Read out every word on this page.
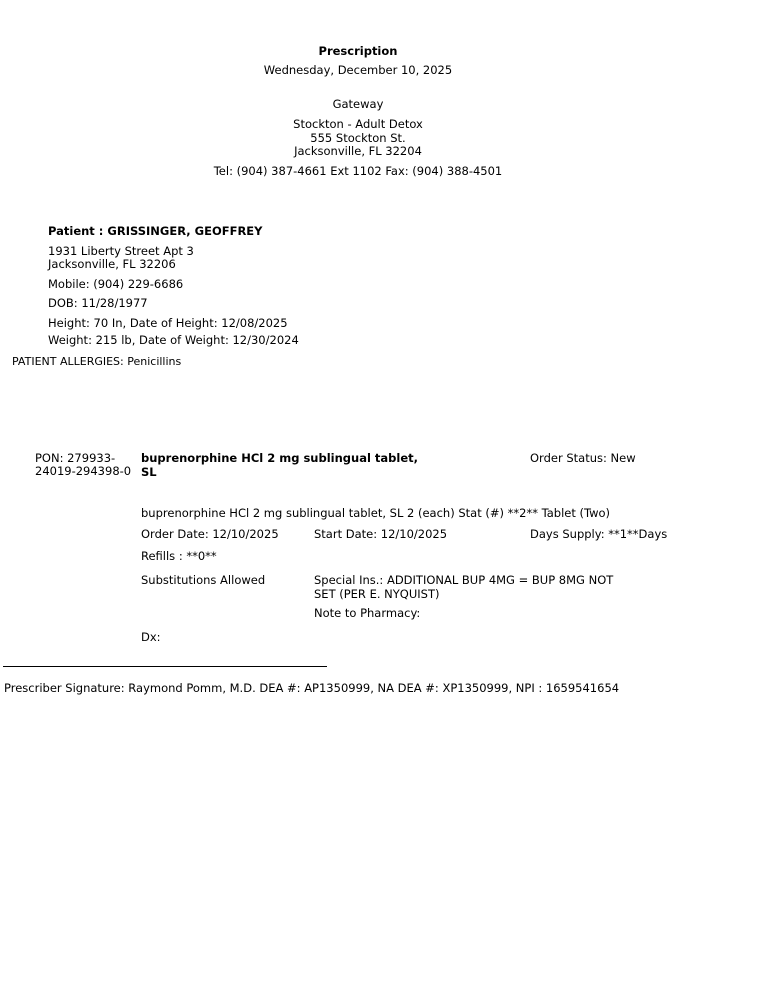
Prescription
Wednesday, December 10, 2025
Gateway
Stockton - Adult Detox
555 Stockton St.
Jacksonville, FL 32204
Tel: (904) 387-4661 Ext 1102 Fax: (904) 388-4501
Patient : GRISSINGER, GEOFFREY
1931 Liberty Street Apt 3
Jacksonville, FL 32206
Mobile: (904) 229-6686
DOB: 11/28/1977
Height: 70 In, Date of Height: 12/08/2025
Weight: 215 lb, Date of Weight: 12/30/2024
PATIENT ALLERGIES: Penicillins
PON: 279933-
24019-294398-0
buprenorphine HCl 2 mg sublingual tablet, SL
Order Status: New
buprenorphine HCl 2 mg sublingual tablet, SL 2 (each) Stat (#) **2** Tablet (Two)
Order Date: 12/10/2025	Start Date: 12/10/2025	Days Supply: **1**Days
Refills : **0**
Substitutions Allowed	Special Ins.: ADDITIONAL BUP 4MG = BUP 8MG NOT SET (PER E. NYQUIST)
Note to Pharmacy:
Dx:
Prescriber Signature: Raymond Pomm, M.D. DEA #: AP1350999, NA DEA #: XP1350999, NPI : 1659541654
